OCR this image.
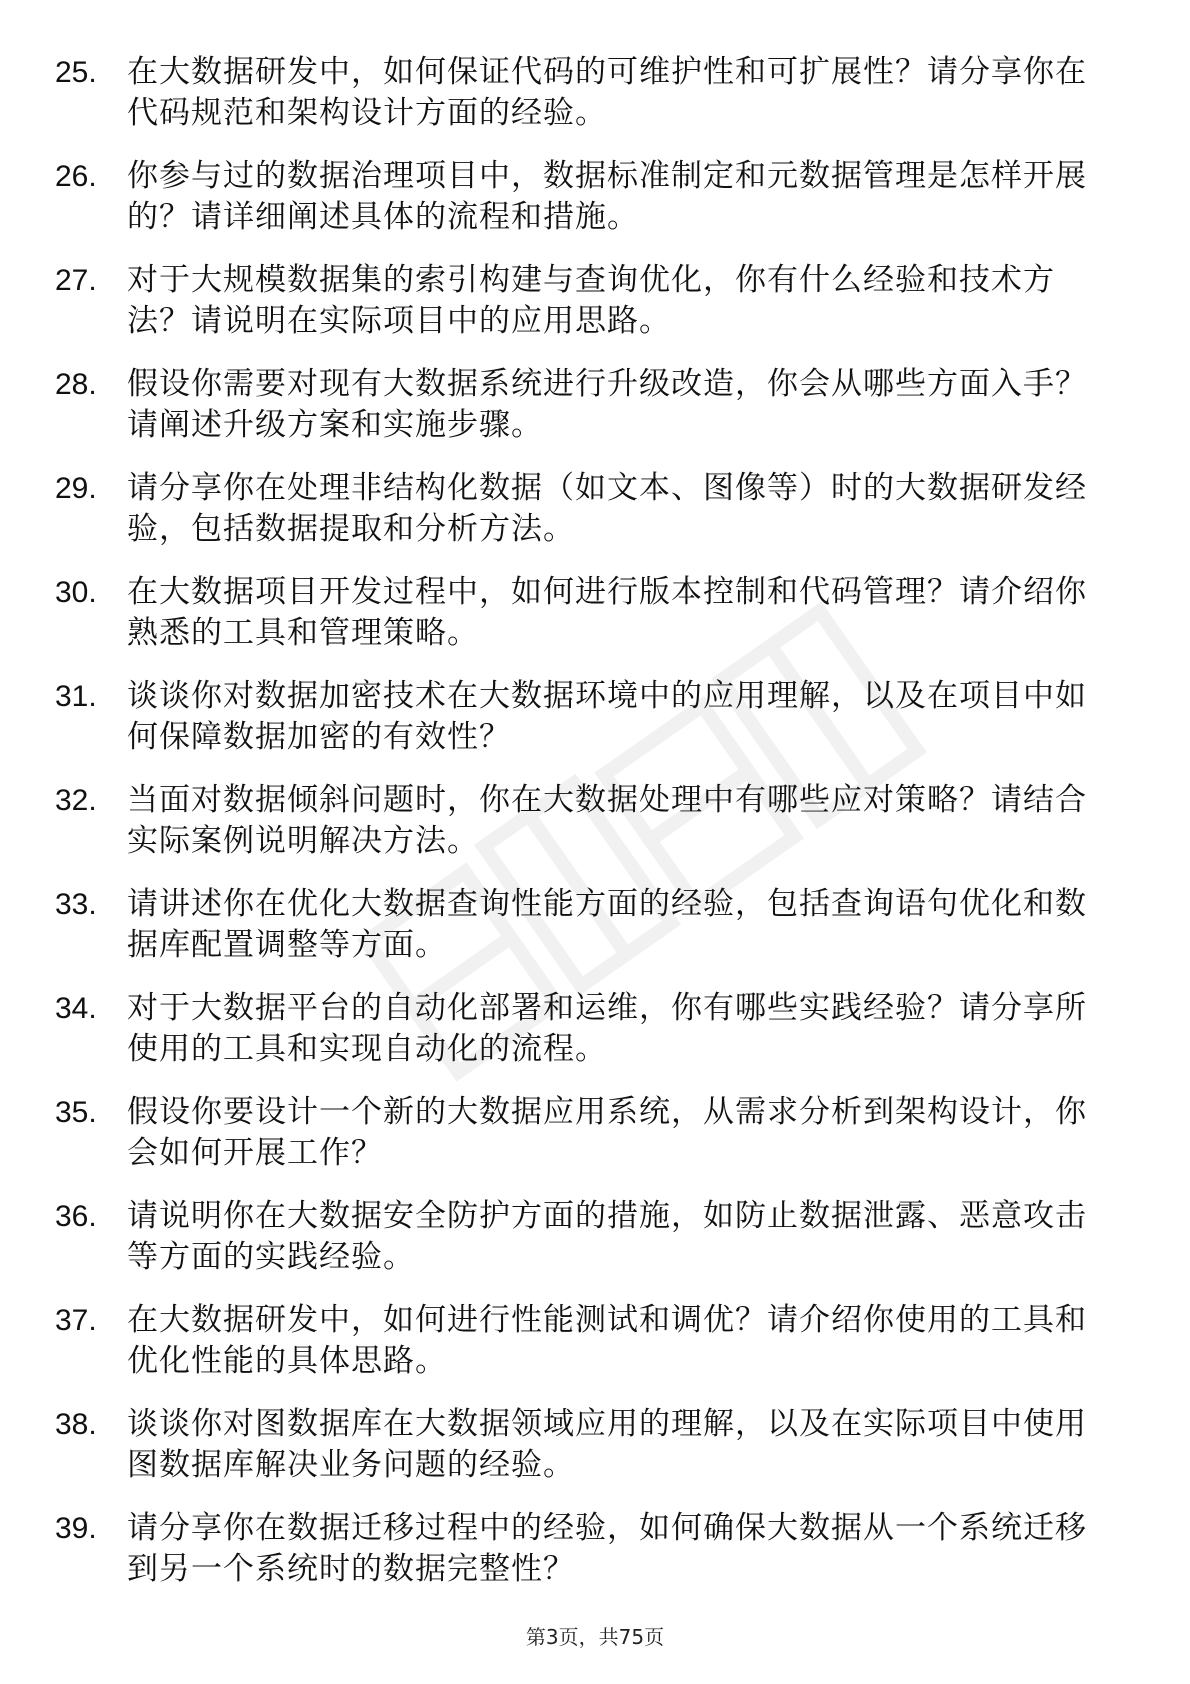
25. 在大数据研发中，如何保证代码的可维护性和可扩展性？请分享你在代码规范和架构设计方面的经验。
26. 你参与过的数据治理项目中，数据标准制定和元数据管理是怎样开展的？请详细阐述具体的流程和措施。
27. 对于大规模数据集的索引构建与查询优化，你有什么经验和技术方法？请说明在实际项目中的应用思路。
28. 假设你需要对现有大数据系统进行升级改造，你会从哪些方面入手？请阐述升级方案和实施步骤。
29. 请分享你在处理非结构化数据（如文本、图像等）时的大数据研发经验，包括数据提取和分析方法。
30. 在大数据项目开发过程中，如何进行版本控制和代码管理？请介绍你熟悉的工具和管理策略。
31. 谈谈你对数据加密技术在大数据环境中的应用理解，以及在项目中如何保障数据加密的有效性？
32. 当面对数据倾斜问题时，你在大数据处理中有哪些应对策略？请结合实际案例说明解决方法。
33. 请讲述你在优化大数据查询性能方面的经验，包括查询语句优化和数据库配置调整等方面。
34. 对于大数据平台的自动化部署和运维，你有哪些实践经验？请分享所使用的工具和实现自动化的流程。
35. 假设你要设计一个新的大数据应用系统，从需求分析到架构设计，你会如何开展工作？
36. 请说明你在大数据安全防护方面的措施，如防止数据泄露、恶意攻击等方面的实践经验。
37. 在大数据研发中，如何进行性能测试和调优？请介绍你使用的工具和优化性能的具体思路。
38. 谈谈你对图数据库在大数据领域应用的理解，以及在实际项目中使用图数据库解决业务问题的经验。
39. 请分享你在数据迁移过程中的经验，如何确保大数据从一个系统迁移到另一个系统时的数据完整性？
第3页，共75页
